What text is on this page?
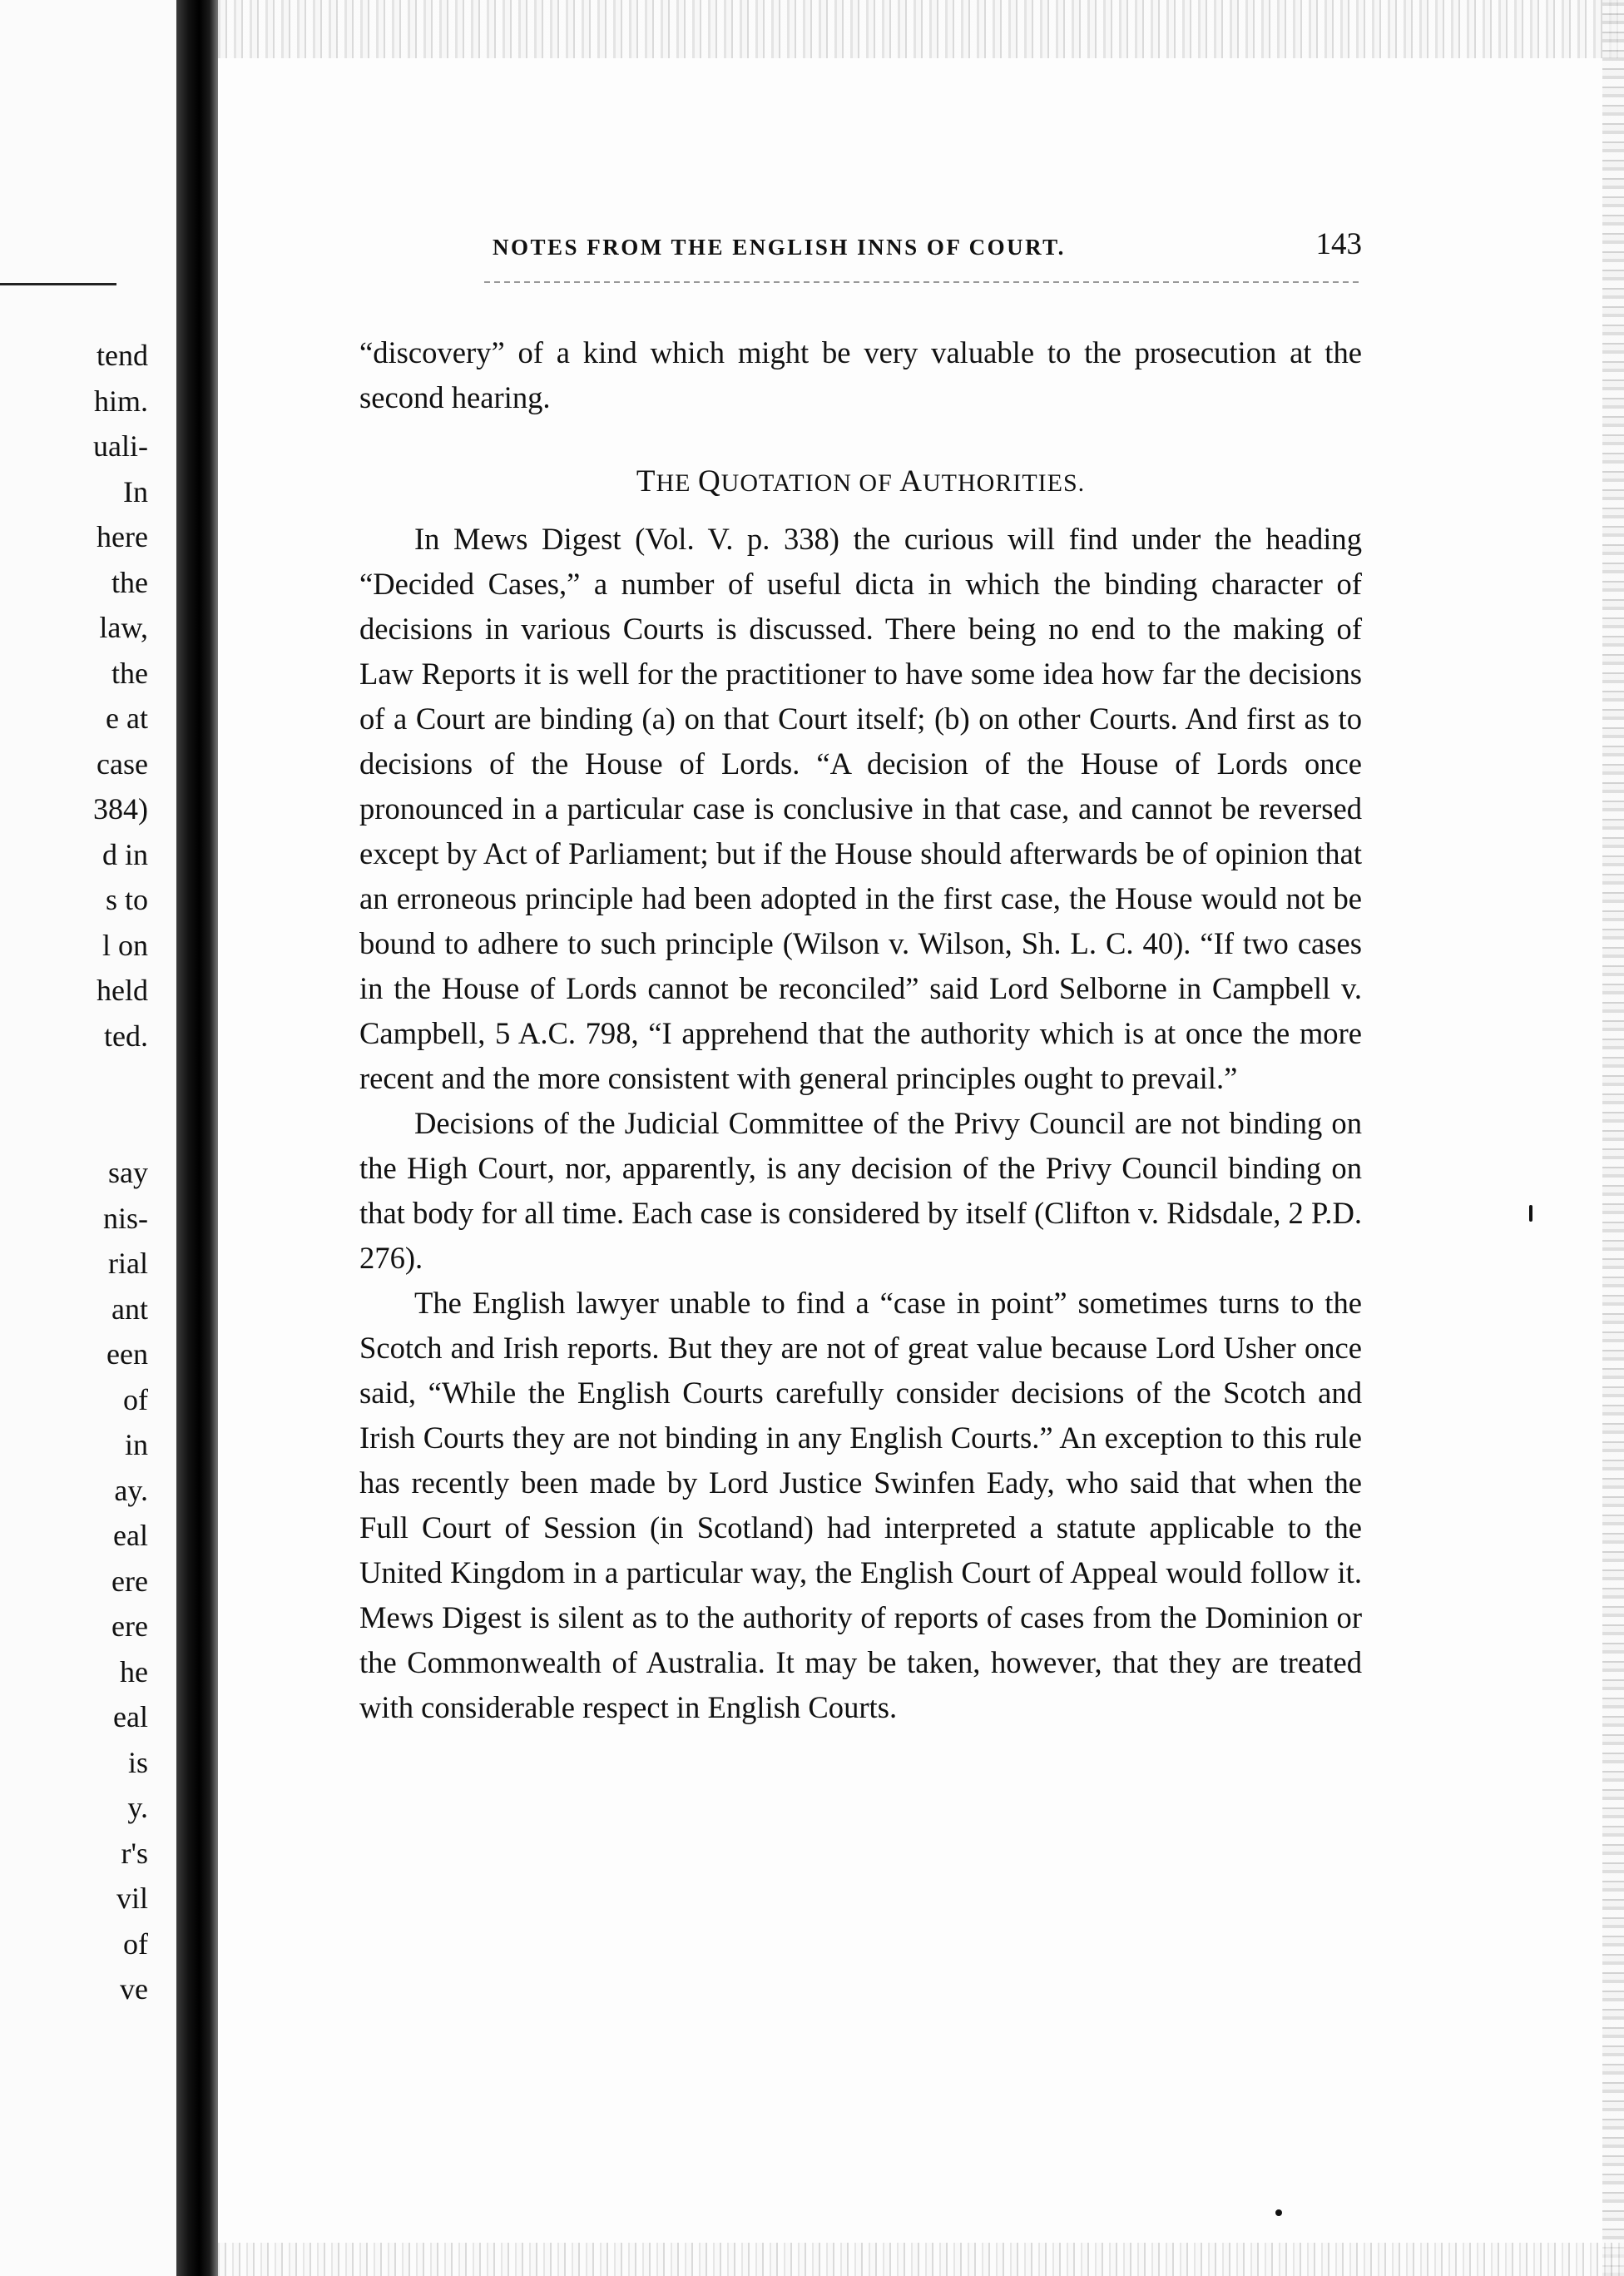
tend
him.
uali-
In
here
the
law,
the
e at
case
384)
d in
s to
l on
held
ted.
say
nis-
rial
ant
een
of
in
ay.
eal
ere
ere
he
eal
is
y.
r's
vil
of
ve
NOTES FROM THE ENGLISH INNS OF COURT.	143

“discovery” of a kind which might be very valuable to the prosecution at the second hearing.

THE QUOTATION OF AUTHORITIES.

In Mews Digest (Vol. V. p. 338) the curious will find under the heading “Decided Cases,” a number of useful dicta in which the binding character of decisions in various Courts is discussed. There being no end to the making of Law Reports it is well for the practitioner to have some idea how far the decisions of a Court are binding (a) on that Court itself; (b) on other Courts. And first as to decisions of the House of Lords. “A decision of the House of Lords once pronounced in a particular case is conclusive in that case, and cannot be reversed except by Act of Parliament; but if the House should afterwards be of opinion that an erroneous principle had been adopted in the first case, the House would not be bound to adhere to such principle (Wilson v. Wilson, Sh. L. C. 40). “If two cases in the House of Lords cannot be reconciled” said Lord Selborne in Campbell v. Campbell, 5 A.C. 798, “I apprehend that the authority which is at once the more recent and the more consistent with general principles ought to prevail.”

Decisions of the Judicial Committee of the Privy Council are not binding on the High Court, nor, apparently, is any decision of the Privy Council binding on that body for all time. Each case is considered by itself (Clifton v. Ridsdale, 2 P.D. 276).

The English lawyer unable to find a “case in point” sometimes turns to the Scotch and Irish reports. But they are not of great value because Lord Usher once said, “While the English Courts carefully consider decisions of the Scotch and Irish Courts they are not binding in any English Courts.” An exception to this rule has recently been made by Lord Justice Swinfen Eady, who said that when the Full Court of Session (in Scotland) had interpreted a statute applicable to the United Kingdom in a particular way, the English Court of Appeal would follow it. Mews Digest is silent as to the authority of reports of cases from the Dominion or the Commonwealth of Australia. It may be taken, however, that they are treated with considerable respect in English Courts.
